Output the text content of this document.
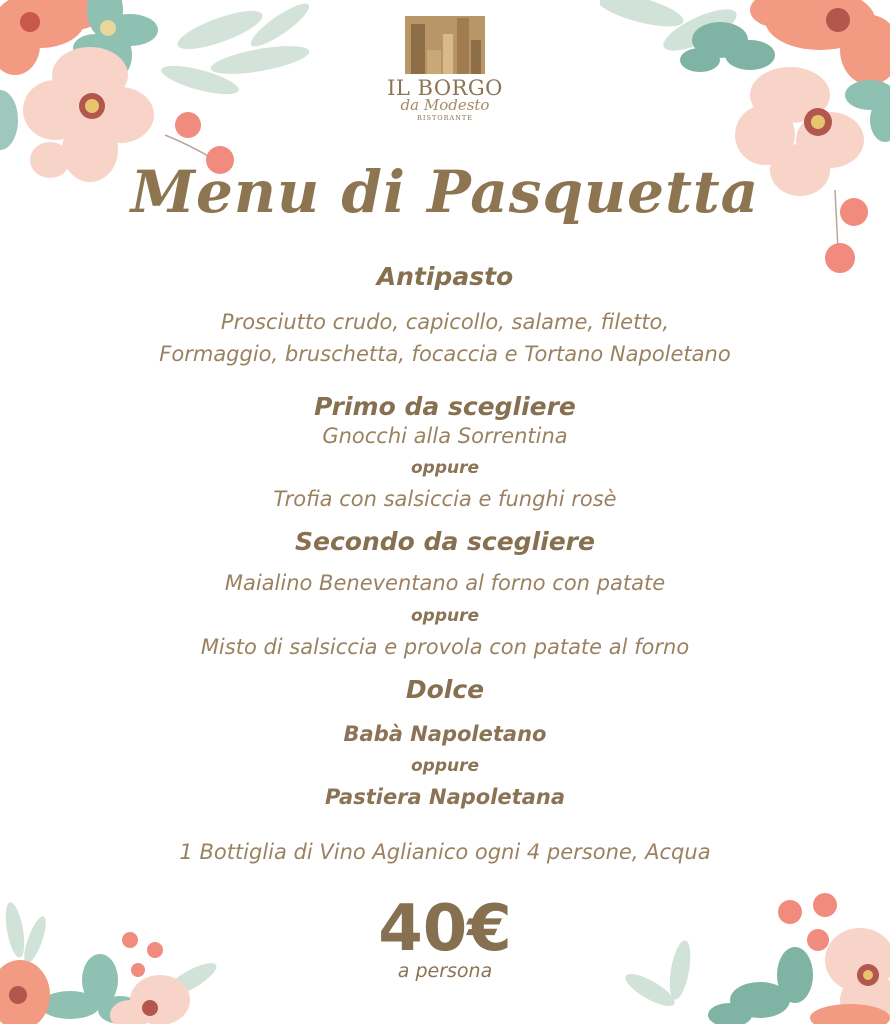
IL BORGO
da Modesto
RISTORANTE
Menu di Pasquetta
Antipasto
Prosciutto crudo, capicollo, salame, filetto,
Formaggio, bruschetta, focaccia e Tortano Napoletano
Primo da scegliere
Gnocchi alla Sorrentina
oppure
Trofia con salsiccia e funghi rosè
Secondo da scegliere
Maialino Beneventano al forno con patate
oppure
Misto di salsiccia e provola con patate al forno
Dolce
Babà Napoletano
oppure
Pastiera Napoletana
1 Bottiglia di Vino Aglianico ogni 4 persone, Acqua
40€
a persona
